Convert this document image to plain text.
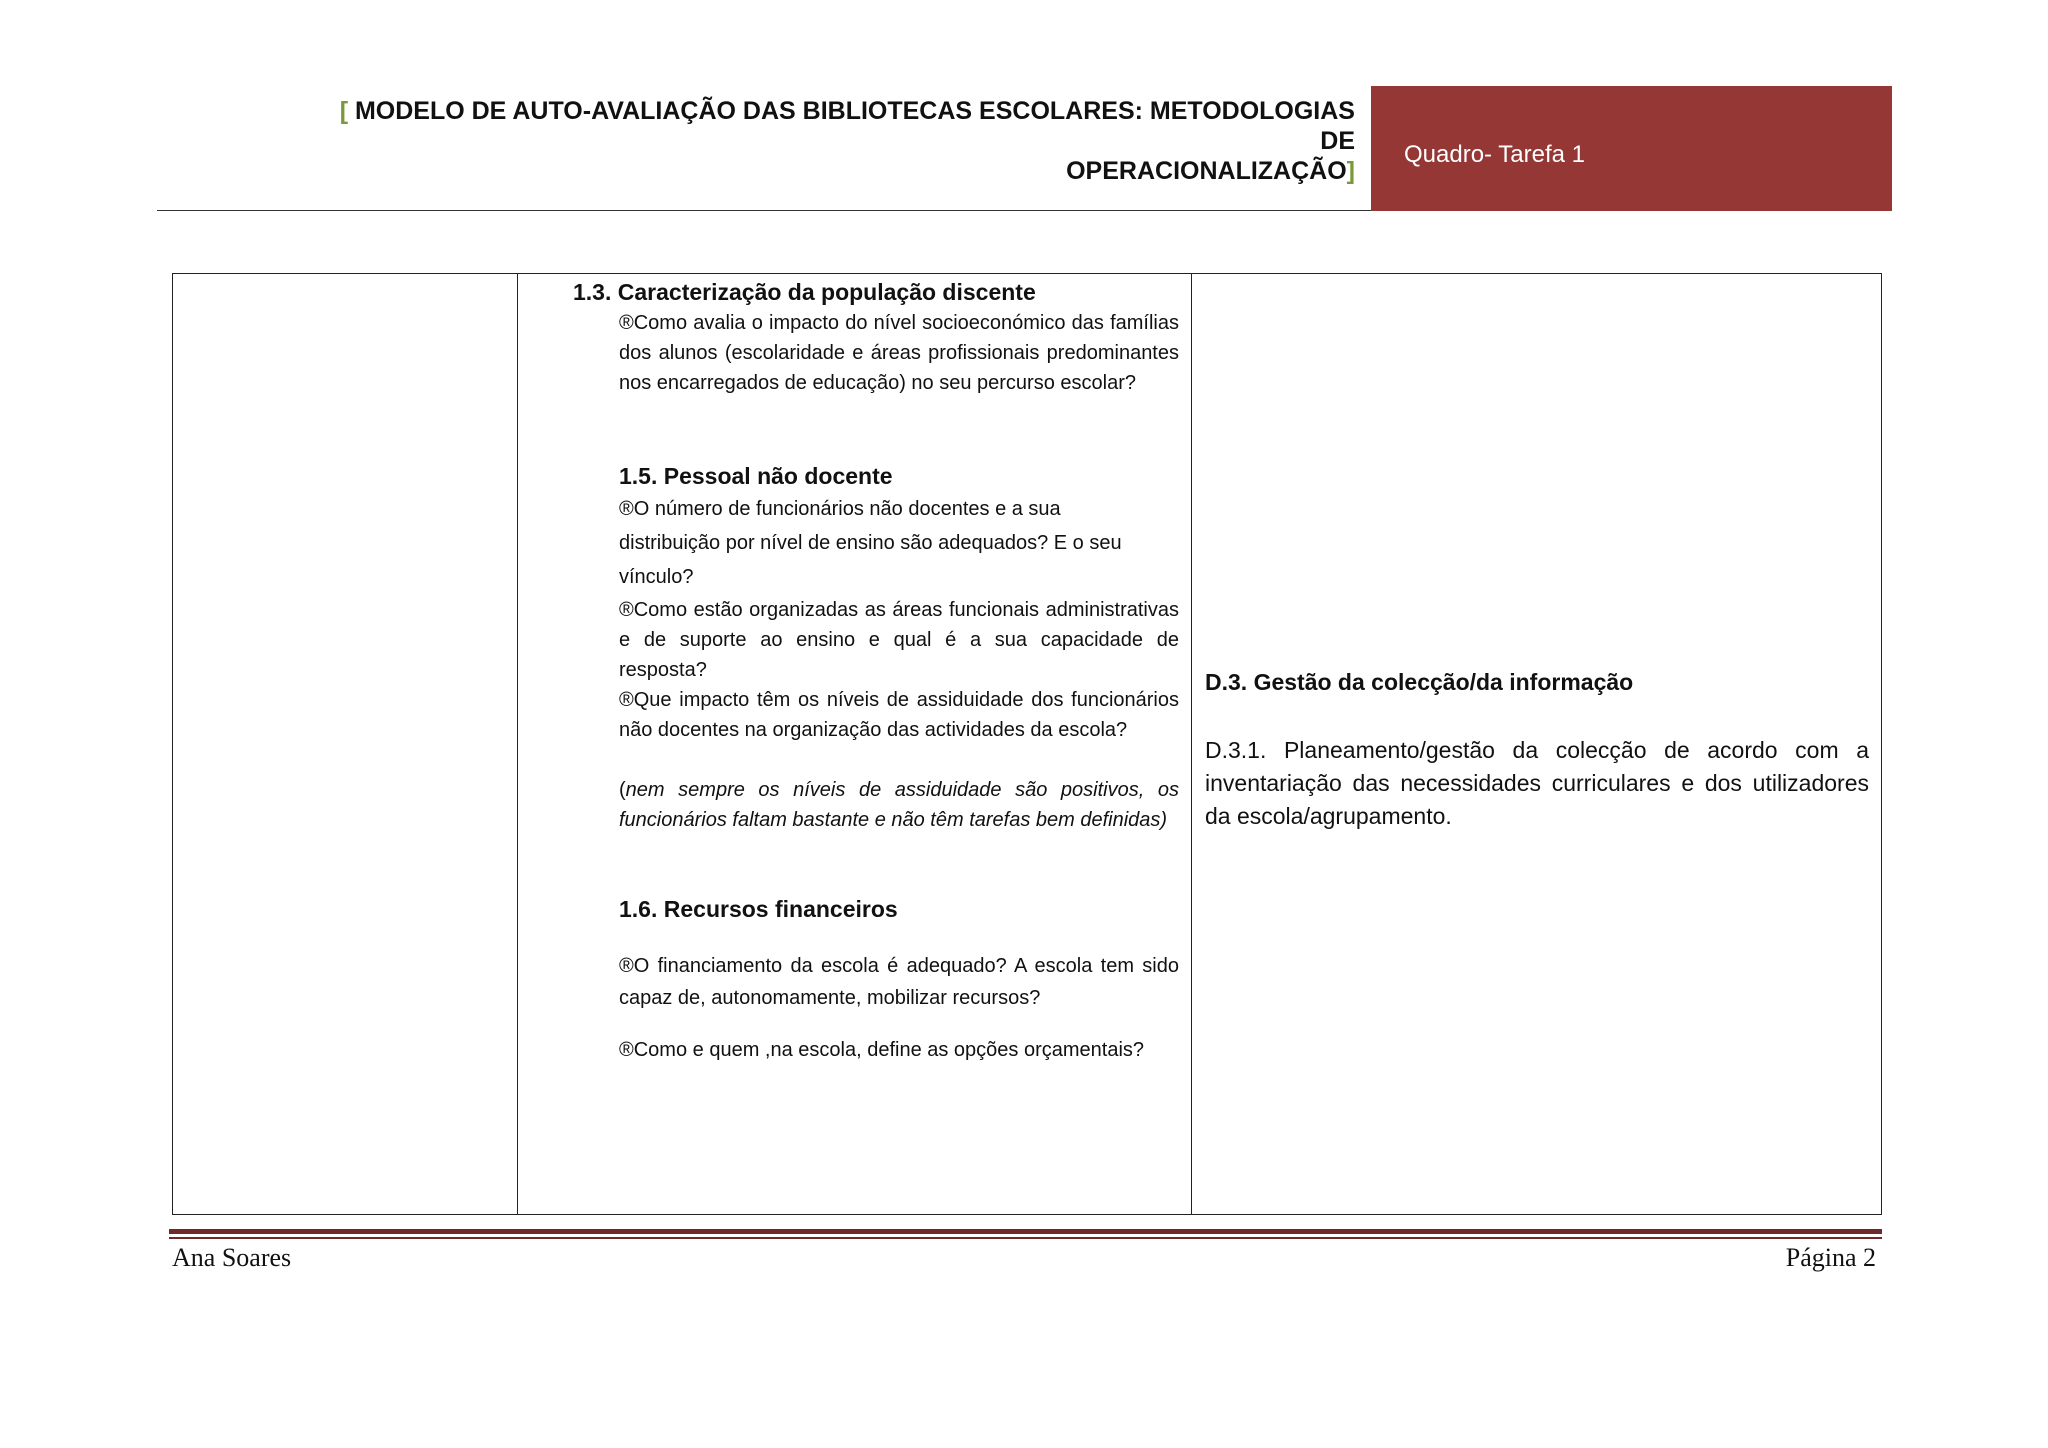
[ MODELO DE AUTO-AVALIAÇÃO DAS BIBLIOTECAS ESCOLARES: METODOLOGIAS DE
OPERACIONALIZAÇÃO]
Quadro- Tarefa 1
1.3. Caracterização da população discente
®Como avalia o impacto do nível socioeconómico das famílias dos alunos (escolaridade e áreas profissionais predominantes nos encarregados de educação) no seu percurso escolar?
1.5. Pessoal não docente
®O número de funcionários não docentes e a sua
distribuição por nível de ensino são adequados? E o seu
vínculo?
®Como estão organizadas as áreas funcionais administrativas e de suporte ao ensino e qual é a sua capacidade de resposta?
®Que impacto têm os níveis de assiduidade dos funcionários não docentes na organização das actividades da escola?
(nem sempre os níveis de assiduidade são positivos, os funcionários faltam bastante e não têm tarefas bem definidas)
1.6. Recursos financeiros
®O financiamento da escola é adequado? A escola tem sido capaz de, autonomamente, mobilizar recursos?
®Como e quem ,na escola, define as opções orçamentais?
D.3. Gestão da colecção/da informação
D.3.1. Planeamento/gestão da colecção de acordo com a inventariação das necessidades curriculares e dos utilizadores da escola/agrupamento.
Ana Soares	Página 2
